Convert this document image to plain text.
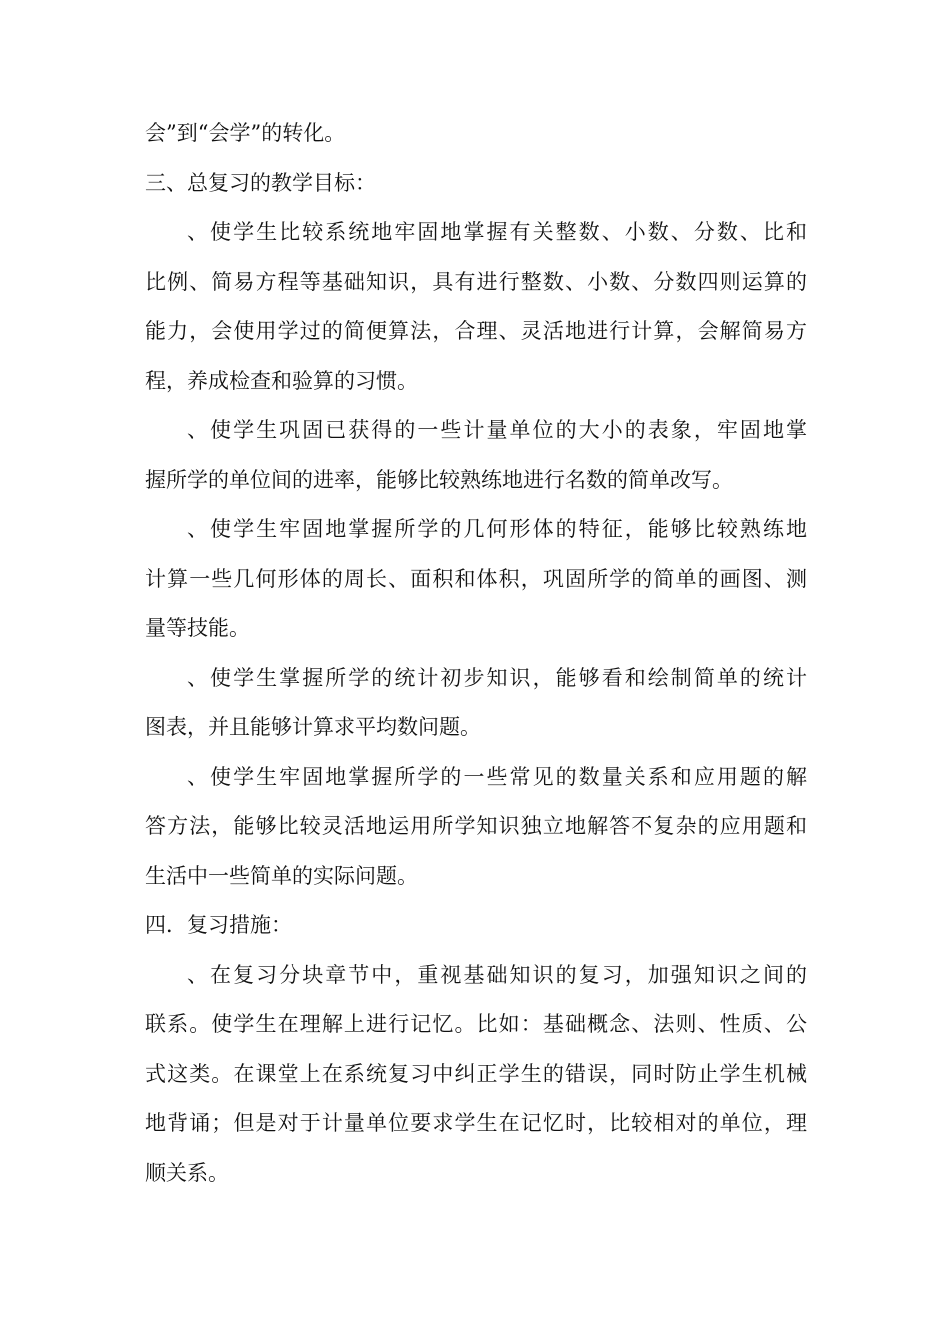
会”到“会学”的转化。
三、总复习的教学目标：
、使学生比较系统地牢固地掌握有关整数、小数、分数、比和
比例、简易方程等基础知识，具有进行整数、小数、分数四则运算的
能力，会使用学过的简便算法，合理、灵活地进行计算，会解简易方
程，养成检查和验算的习惯。
、使学生巩固已获得的一些计量单位的大小的表象，牢固地掌
握所学的单位间的进率，能够比较熟练地进行名数的简单改写。
、使学生牢固地掌握所学的几何形体的特征，能够比较熟练地
计算一些几何形体的周长、面积和体积，巩固所学的简单的画图、测
量等技能。
、使学生掌握所学的统计初步知识，能够看和绘制简单的统计
图表，并且能够计算求平均数问题。
、使学生牢固地掌握所学的一些常见的数量关系和应用题的解
答方法，能够比较灵活地运用所学知识独立地解答不复杂的应用题和
生活中一些简单的实际问题。
四．复习措施：
、在复习分块章节中，重视基础知识的复习，加强知识之间的
联系。使学生在理解上进行记忆。比如：基础概念、法则、性质、公
式这类。在课堂上在系统复习中纠正学生的错误，同时防止学生机械
地背诵；但是对于计量单位要求学生在记忆时，比较相对的单位，理
顺关系。
